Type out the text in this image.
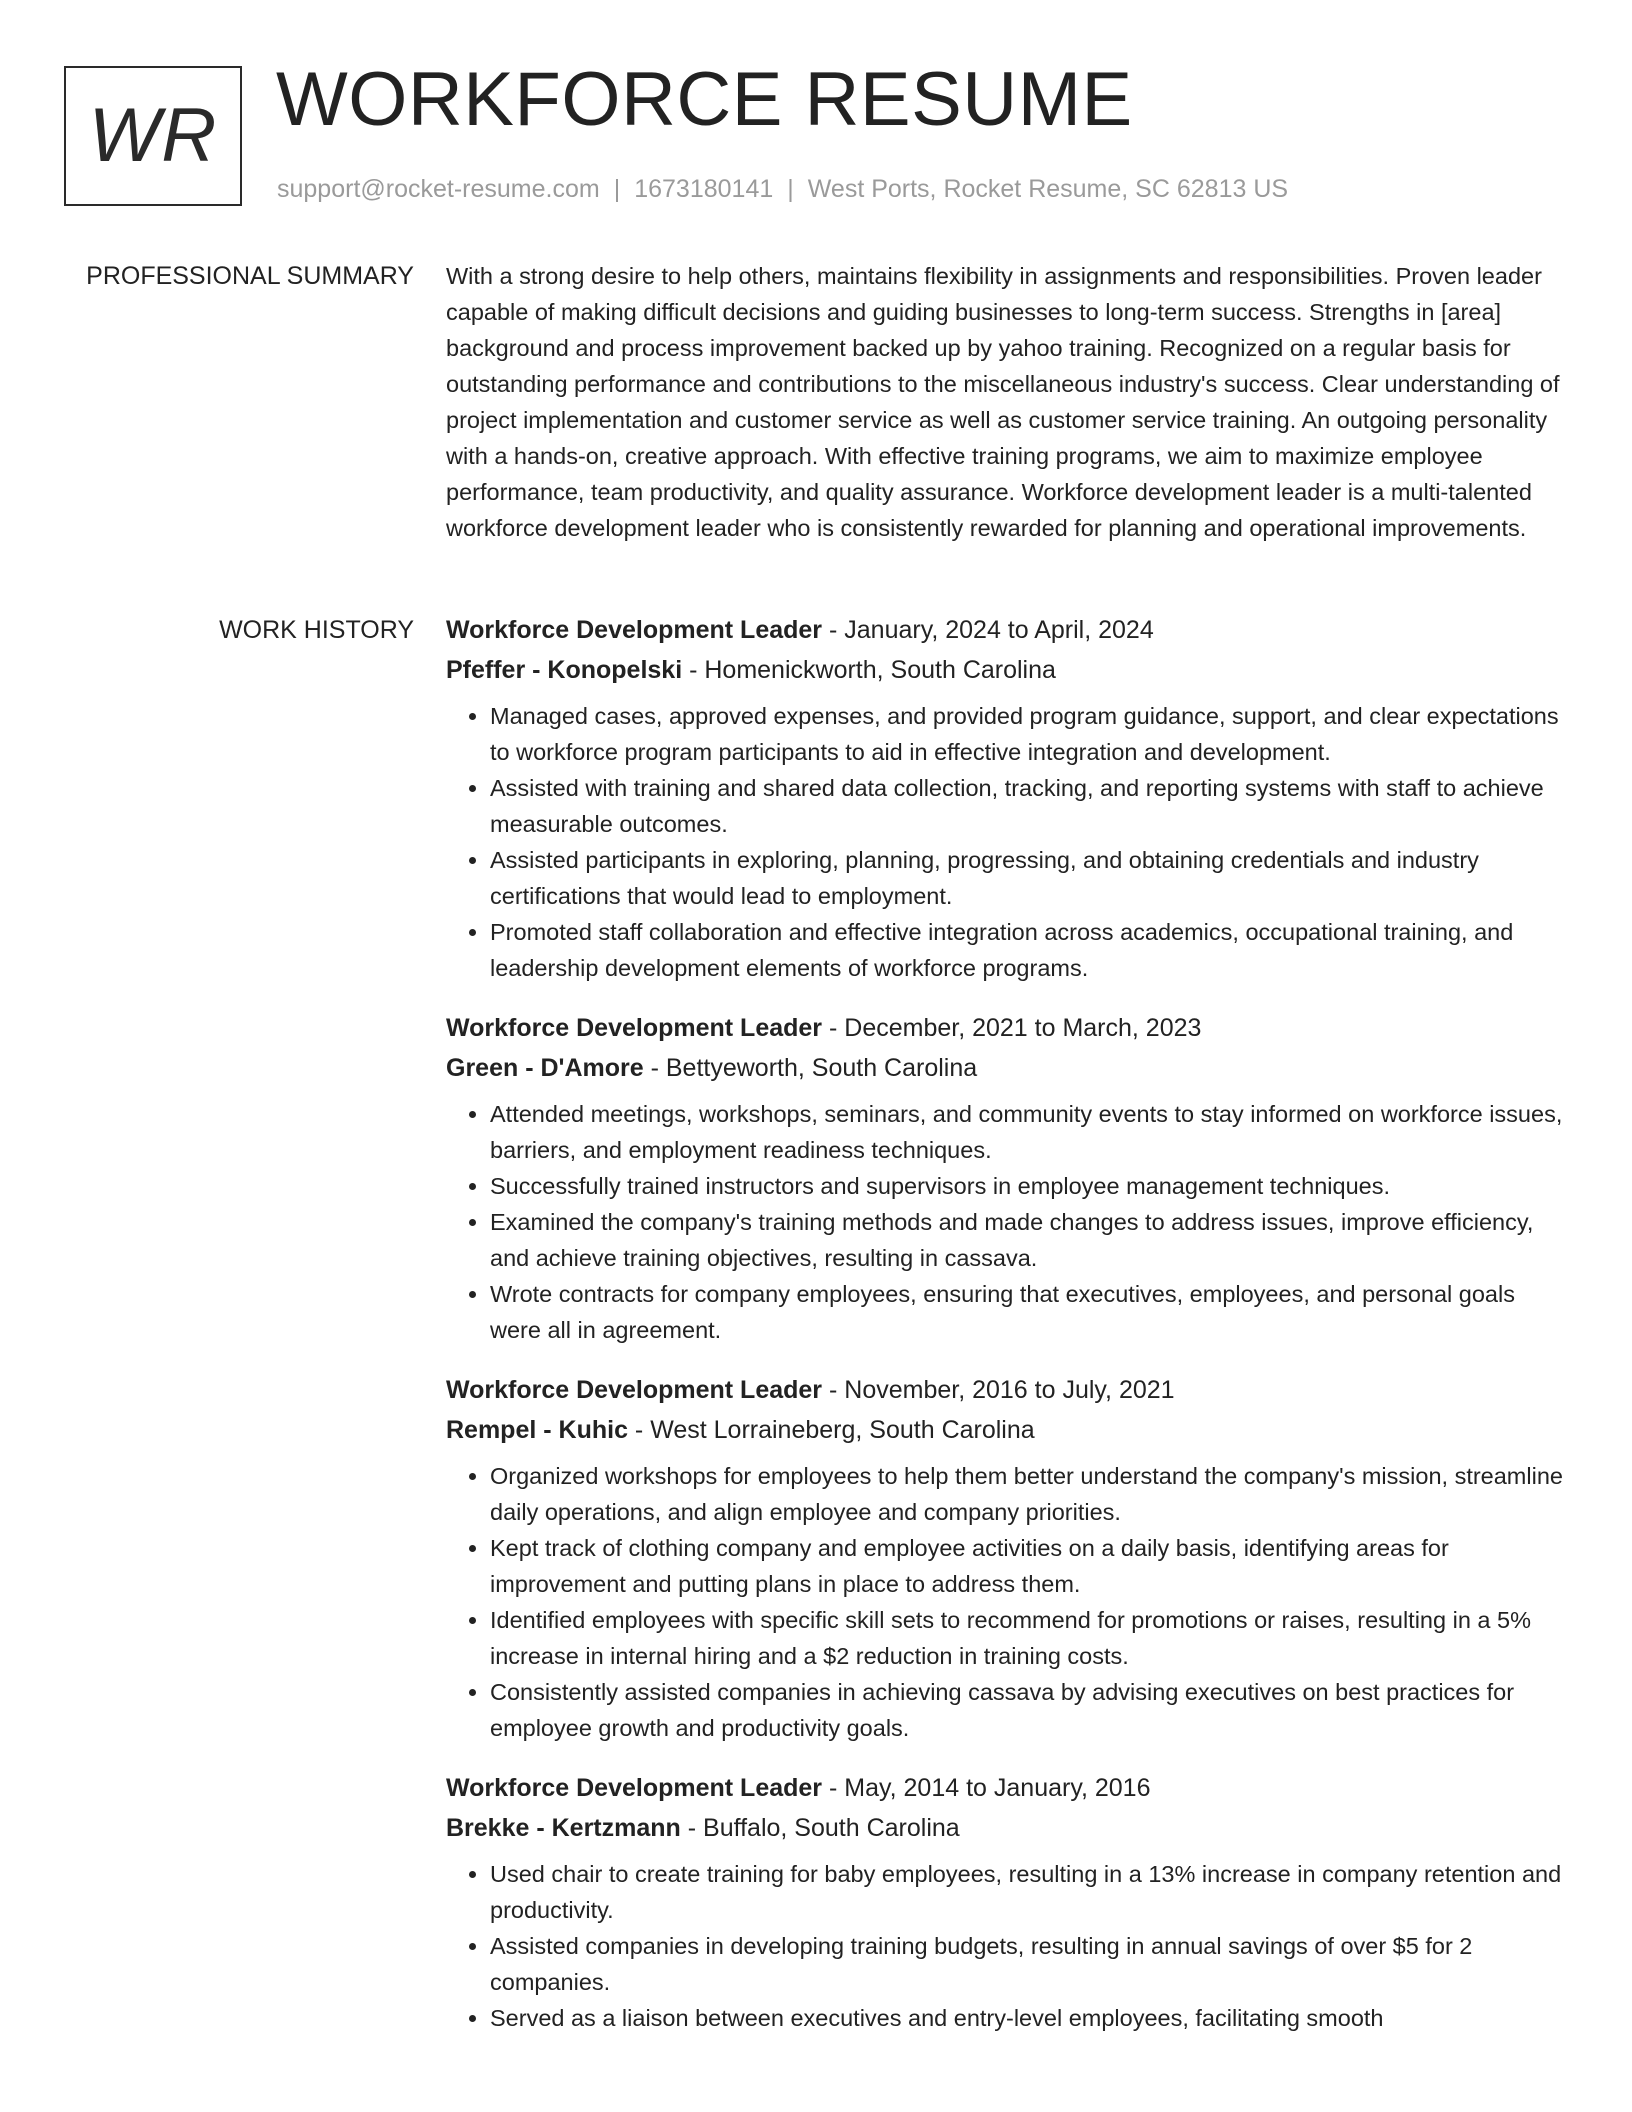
WR WORKFORCE RESUME
support@rocket-resume.com | 1673180141 | West Ports, Rocket Resume, SC 62813 US
PROFESSIONAL SUMMARY With a strong desire to help others, maintains flexibility in assignments and responsibilities. Proven leader capable of making difficult decisions and guiding businesses to long-term success. Strengths in [area] background and process improvement backed up by yahoo training. Recognized on a regular basis for outstanding performance and contributions to the miscellaneous industry's success. Clear understanding of project implementation and customer service as well as customer service training. An outgoing personality with a hands-on, creative approach. With effective training programs, we aim to maximize employee performance, team productivity, and quality assurance. Workforce development leader is a multi-talented workforce development leader who is consistently rewarded for planning and operational improvements.

WORK HISTORY Workforce Development Leader - January, 2024 to April, 2024
Pfeffer - Konopelski - Homenickworth, South Carolina
• Managed cases, approved expenses, and provided program guidance, support, and clear expectations to workforce program participants to aid in effective integration and development.
• Assisted with training and shared data collection, tracking, and reporting systems with staff to achieve measurable outcomes.
• Assisted participants in exploring, planning, progressing, and obtaining credentials and industry certifications that would lead to employment.
• Promoted staff collaboration and effective integration across academics, occupational training, and leadership development elements of workforce programs.
Workforce Development Leader - December, 2021 to March, 2023
Green - D'Amore - Bettyeworth, South Carolina
• Attended meetings, workshops, seminars, and community events to stay informed on workforce issues, barriers, and employment readiness techniques.
• Successfully trained instructors and supervisors in employee management techniques.
• Examined the company's training methods and made changes to address issues, improve efficiency, and achieve training objectives, resulting in cassava.
• Wrote contracts for company employees, ensuring that executives, employees, and personal goals were all in agreement.
Workforce Development Leader - November, 2016 to July, 2021
Rempel - Kuhic - West Lorraineberg, South Carolina
• Organized workshops for employees to help them better understand the company's mission, streamline daily operations, and align employee and company priorities.
• Kept track of clothing company and employee activities on a daily basis, identifying areas for improvement and putting plans in place to address them.
• Identified employees with specific skill sets to recommend for promotions or raises, resulting in a 5% increase in internal hiring and a $2 reduction in training costs.
• Consistently assisted companies in achieving cassava by advising executives on best practices for employee growth and productivity goals.
Workforce Development Leader - May, 2014 to January, 2016
Brekke - Kertzmann - Buffalo, South Carolina
• Used chair to create training for baby employees, resulting in a 13% increase in company retention and productivity.
• Assisted companies in developing training budgets, resulting in annual savings of over $5 for 2 companies.
• Served as a liaison between executives and entry-level employees, facilitating smooth
